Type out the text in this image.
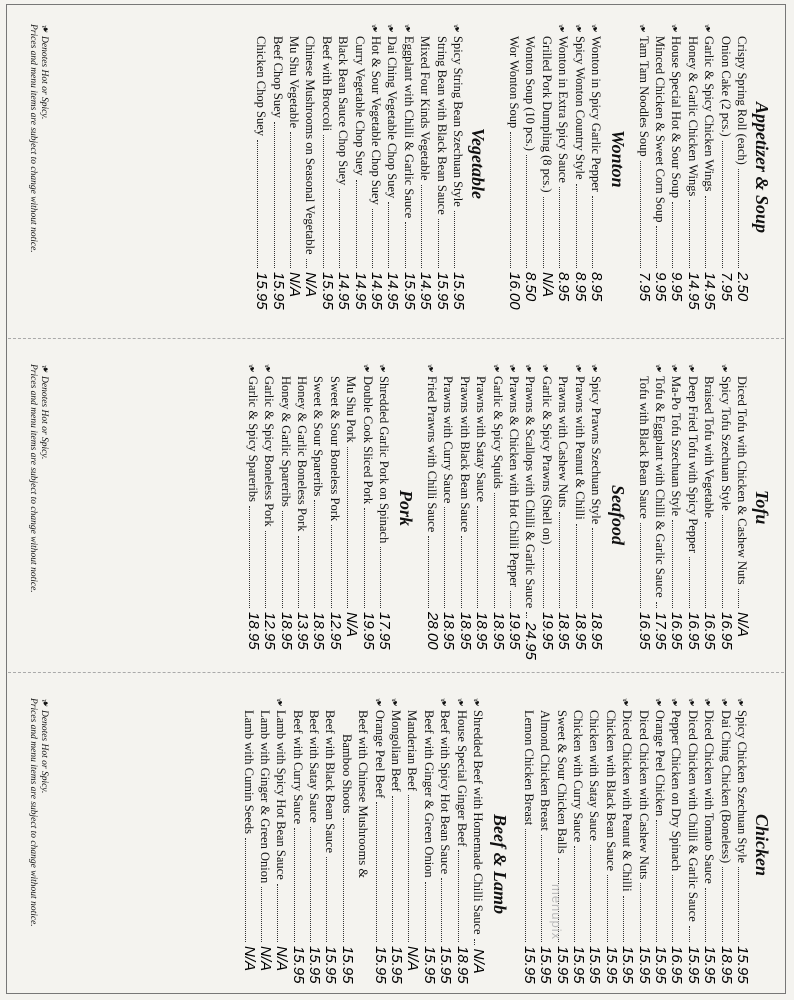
Appetizer & Soup
Crispy Spring Roll (each)
2.50
Onion Cake (2 pcs.)
7.95
❧
Garlic & Spicy Chicken Wings
14.95
Honey & Garlic Chicken Wings
14.95
❧
House Special Hot & Sour Soup
9.95
Minced Chicken & Sweet Corn Soup
9.95
❧
Tam Tam Noodles Soup
7.95
Wonton
❧
Wonton in Spicy Garlic Pepper
8.95
❧
Spicy Wonton Country Style
8.95
❧
Wonton in Extra Spicy Sauce
8.95
Grilled Pork Dumpling (8 pcs.)
N/A
Wonton Soup (10 pcs.)
8.50
Wor Wonton Soup
16.00
Vegetable
❧
Spicy String Bean Szechuan Style
15.95
String Bean with Black Bean Sauce
15.95
Mixed Four Kinds Vegetable
14.95
❧
Eggplant with Chilli & Garlic Sauce
15.95
❧
Dai Ching Vegetable Chop Suey
14.95
❧
Hot & Sour Vegetable Chop Suey
14.95
Curry Vegetable Chop Suey
14.95
Black Bean Sauce Chop Suey
14.95
Beef with Broccoli
15.95
Chinese Mushrooms on Seasonal Vegetable
N/A
Mu Shu Vegetable
N/A
Beef Chop Suey
15.95
Chicken Chop Suey
15.95
❧Denotes Hot or Spicy.
Prices and menu items are subject to change without notice.
Tofu
Diced Tofu with Chicken & Cashew Nuts
N/A
❧
Spicy Tofu Szechuan Style
16.95
Braised Tofu with Vegetable
16.95
❧
Deep Fried Tofu with Spicy Pepper
16.95
❧
Ma-Po Tofu Szechuan Style
16.95
❧
Tofu & Eggplant with Chilli & Garlic Sauce
17.95
Tofu with Black Bean Sauce
16.95
Seafood
❧
Spicy Prawns Szechuan Style
18.95
❧
Prawns with Peanut & Chilli
18.95
Prawns with Cashew Nuts
18.95
❧
Garlic & Spicy Prawns (Shell on)
19.95
❧
Prawns & Scallops with Chilli & Garlic Sauce
24.95
❧
Prawns & Chicken with Hot Chilli Pepper
19.95
❧
Garlic & Spicy Squids
18.95
Prawns with Satay Sauce
18.95
Prawns with Black Bean Sauce
18.95
Prawns with Curry Sauce
18.95
❧
Fried Prawns with Chilli Sauce
28.00
Pork
❧
Shredded Garlic Pork on Spinach
17.95
❧
Double Cook Sliced Pork
19.95
Mu Shu Pork
N/A
Sweet & Sour Boneless Pork
12.95
Sweet & Sour Spareribs
18.95
Honey & Garlic Boneless Pork
13.95
Honey & Garlic Spareribs
18.95
❧
Garlic & Spicy Boneless Pork
12.95
❧
Garlic & Spicy Spareribs
18.95
❧Denotes Hot or Spicy.
Prices and menu items are subject to change without notice.
Chicken
❧
Spicy Chicken Szechuan Style
15.95
❧
Dai Ching Chicken (Boneless)
18.95
❧
Diced Chicken with Tomato Sauce
15.95
❧
Diced Chicken with Chilli & Garlic Sauce
15.95
❧
Pepper Chicken on Dry Spinach
16.95
❧
Orange Peel Chicken
15.95
Diced Chicken with Cashew Nuts
15.95
❧
Diced Chicken with Peanut & Chilli
15.95
Chicken with Black Bean Sauce
15.95
Chicken with Satay Sauce
15.95
Chicken with Curry Sauce
15.95
Sweet & Sour Chicken Balls
15.95
Almond Chicken Breast
15.95
Lemon Chicken Breast
15.95
Beef & Lamb
❧
Shredded Beef with Homemade Chilli Sauce
N/A
❧
House Special Ginger Beef
18.95
❧
Beef with Spicy Hot Bean Sauce
15.95
Beef with Ginger & Green Onion
15.95
Manderian Beef
N/A
❧
Mongolian Beef
15.95
❧
Orange Peel Beef
15.95
Beef with Chinese Mushrooms &
Bamboo Shoots
15.95
Beef with Black Bean Sauce
15.95
Beef with Satay Sauce
15.95
Beef with Curry Sauce
15.95
❧
Lamb with Spicy Hot Bean Sauce
N/A
Lamb with Ginger & Green Onion
N/A
Lamb with Cumin Seeds
N/A
menupix
❧Denotes Hot or Spicy.
Prices and menu items are subject to change without notice.
